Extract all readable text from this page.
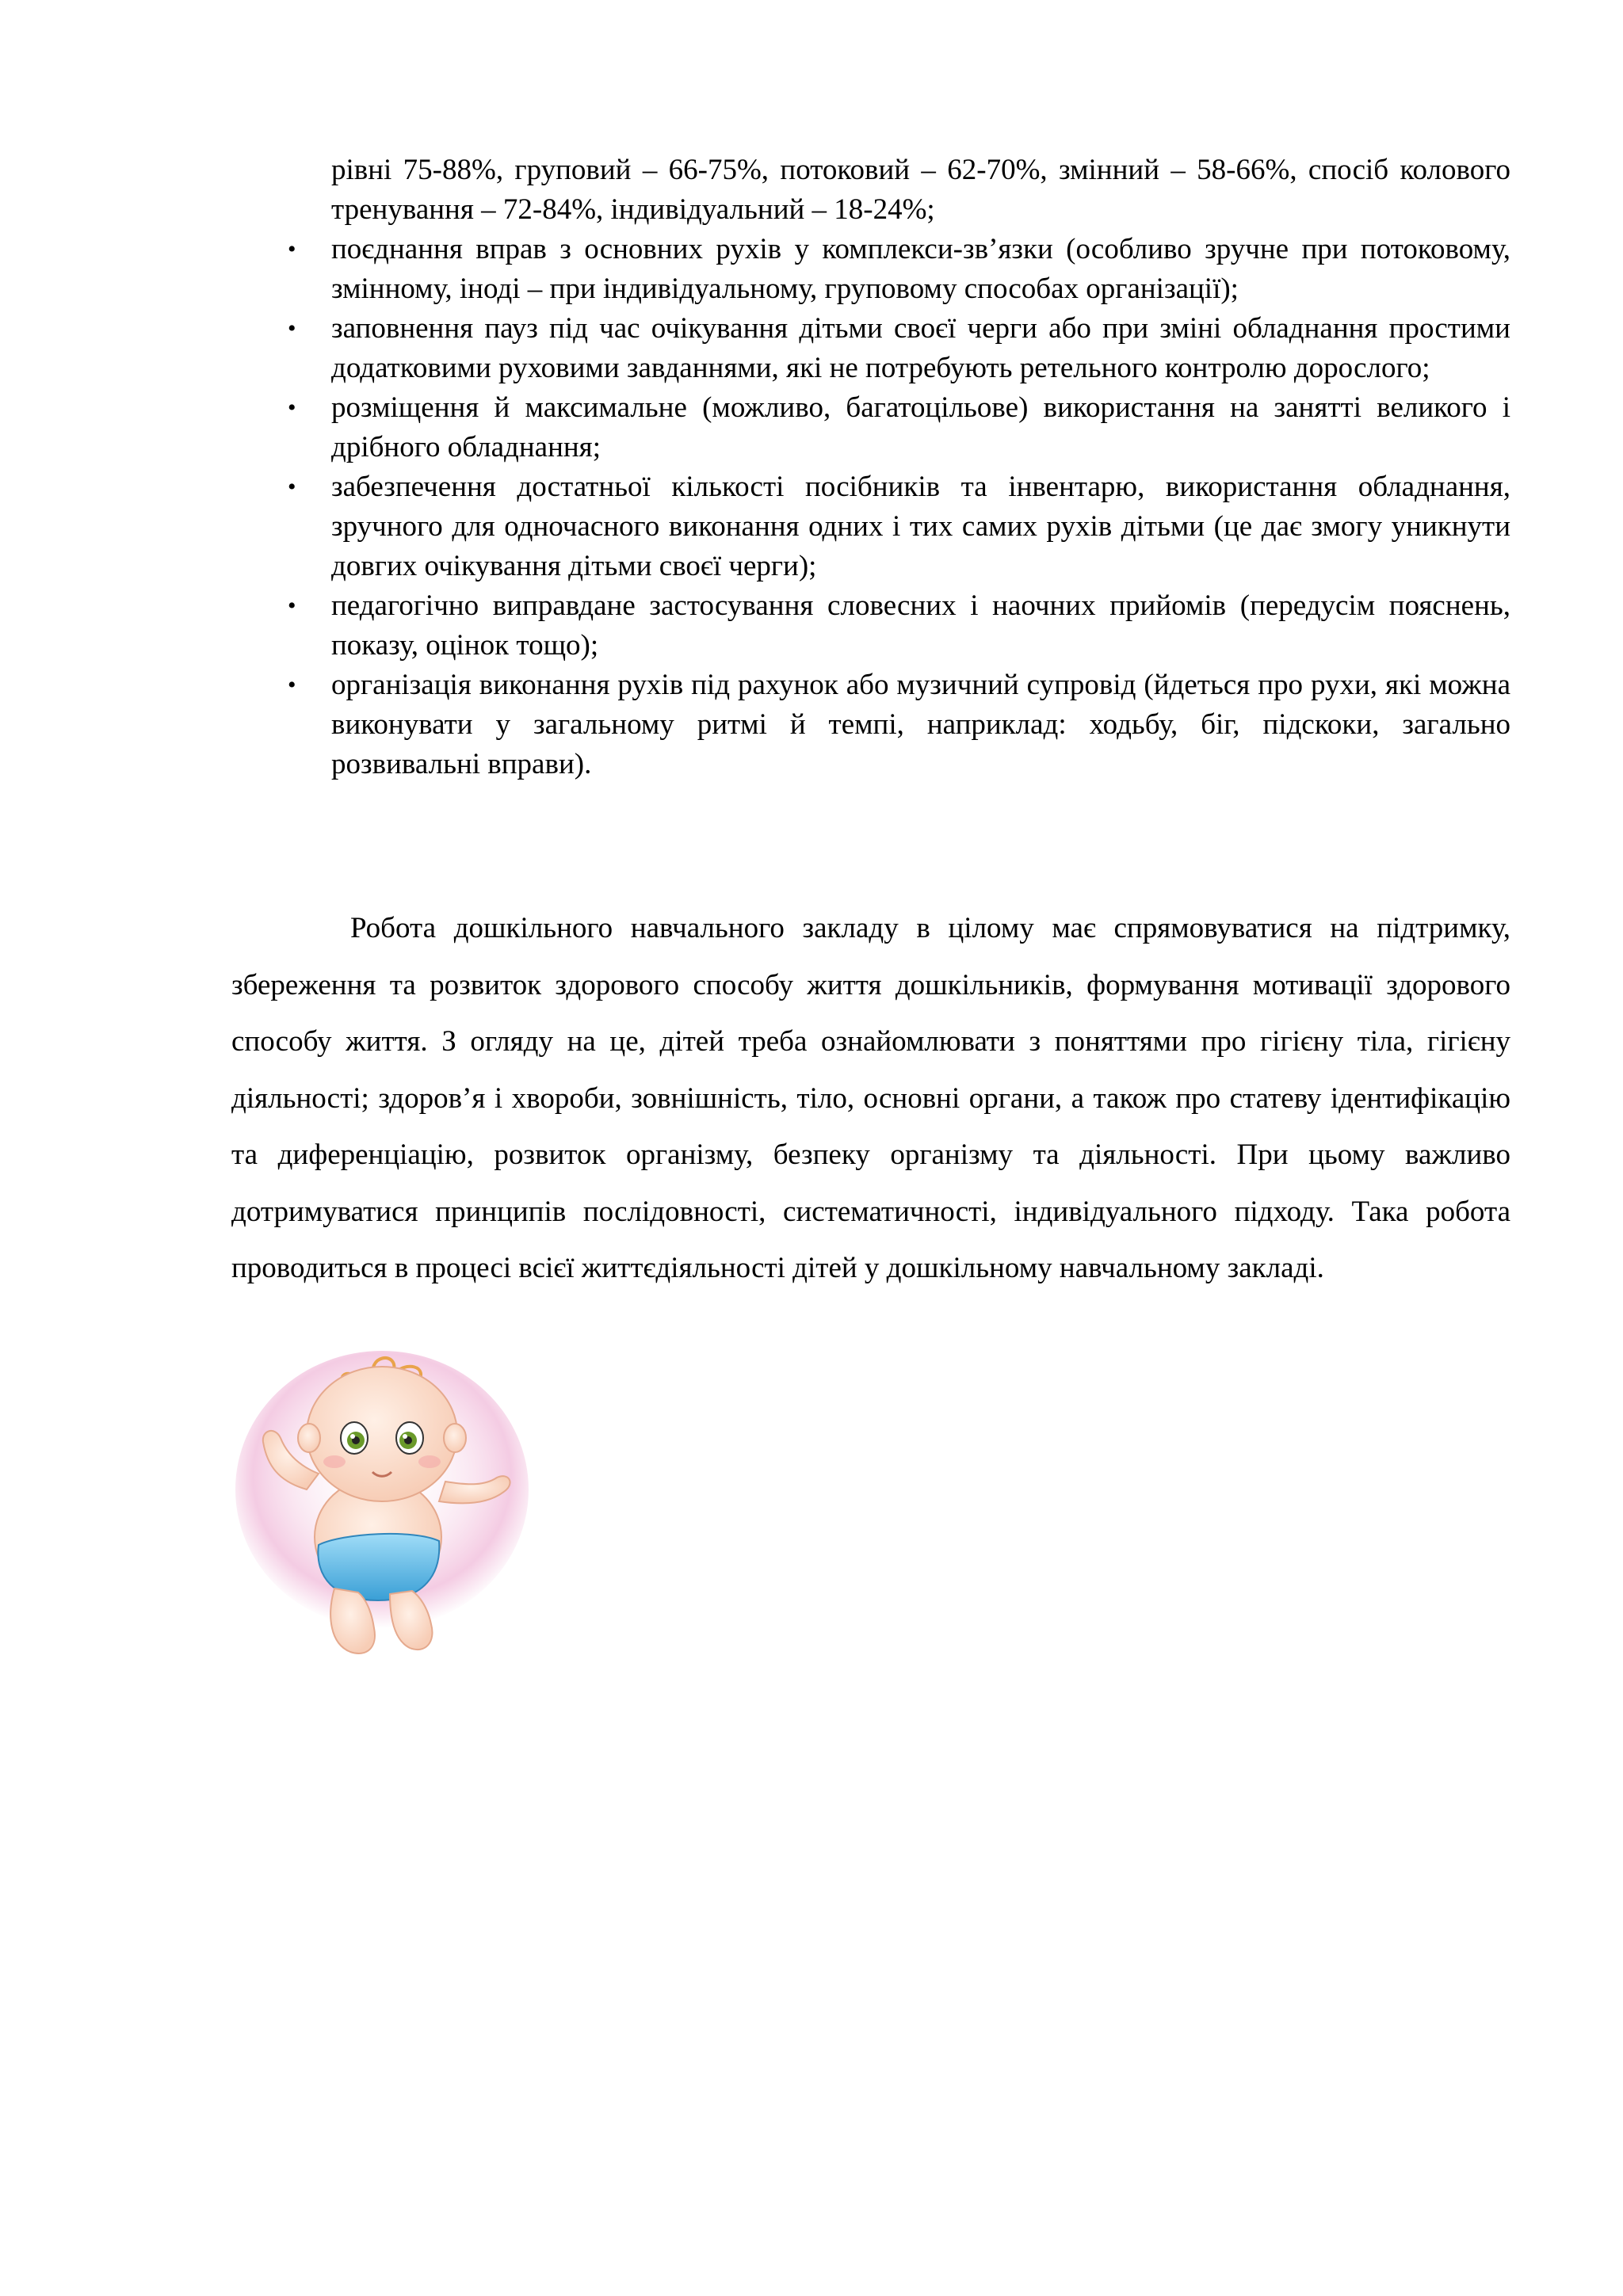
рівні 75-88%, груповий – 66-75%, потоковий – 62-70%, змінний – 58-66%, спосіб колового тренування – 72-84%, індивідуальний – 18-24%;

• поєднання вправ з основних рухів у комплекси-зв’язки (особливо зручне при потоковому, змінному, іноді – при індивідуальному, груповому способах організації);
• заповнення пауз під час очікування дітьми своєї черги або при зміні обладнання простими додатковими руховими завданнями, які не потребують ретельного контролю дорослого;
• розміщення й максимальне (можливо, багатоцільове) використання на занятті великого і дрібного обладнання;
• забезпечення достатньої кількості посібників та інвентарю, використання обладнання, зручного для одночасного виконання одних і тих самих рухів дітьми (це дає змогу уникнути довгих очікування дітьми своєї черги);
• педагогічно виправдане застосування словесних і наочних прийомів (передусім пояснень, показу, оцінок тощо);
• організація виконання рухів під рахунок або музичний супровід (йдеться про рухи, які можна виконувати у загальному ритмі й темпі, наприклад: ходьбу, біг, підскоки, загально розвивальні вправи).

Робота дошкільного навчального закладу в цілому має спрямовуватися на підтримку, збереження та розвиток здорового способу життя дошкільників, формування мотивації здорового способу життя. З огляду на це, дітей треба ознайомлювати з поняттями про гігієну тіла, гігієну діяльності; здоров’я і хвороби, зовнішність, тіло, основні органи, а також про статеву ідентифікацію та диференціацію, розвиток організму, безпеку організму та діяльності. При цьому важливо дотримуватися принципів послідовності, систематичності, індивідуального підходу. Така робота проводиться в процесі всієї життєдіяльності дітей у дошкільному навчальному закладі.
